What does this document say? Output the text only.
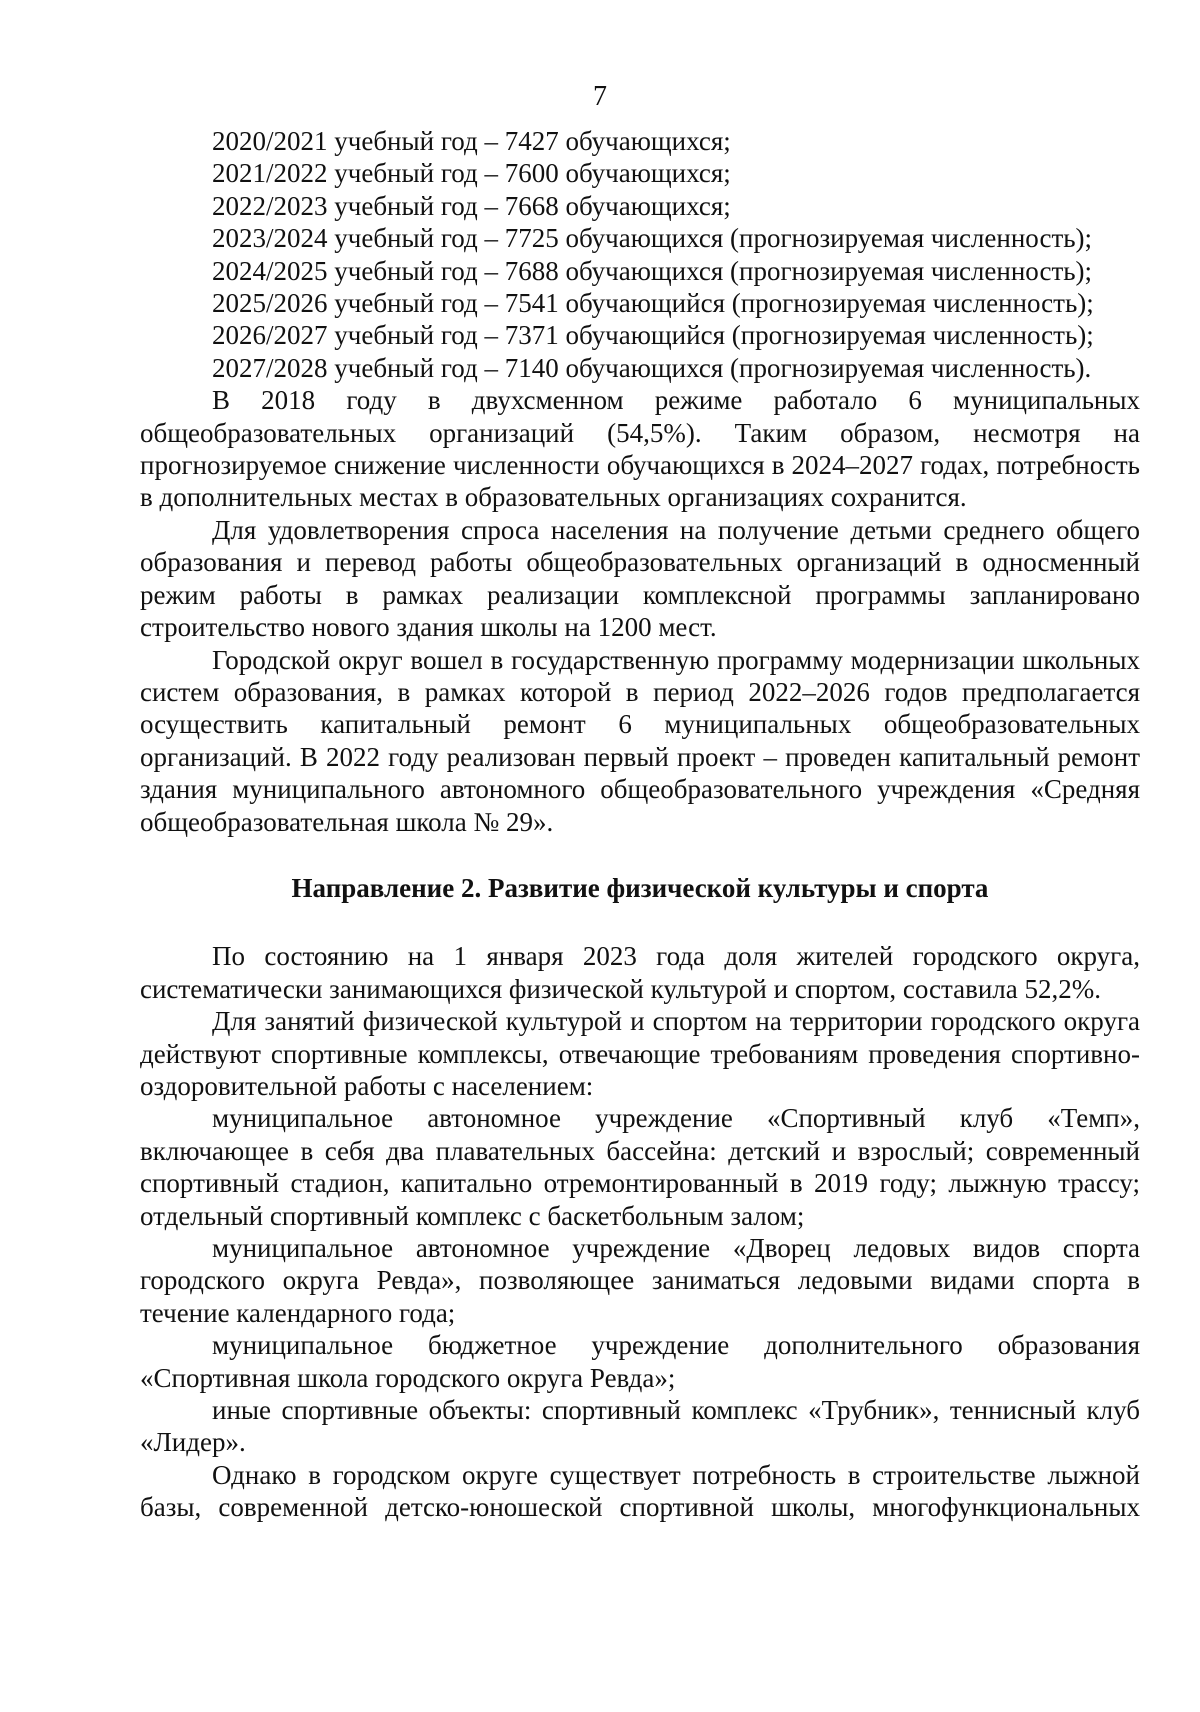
7
2020/2021 учебный год – 7427 обучающихся;
2021/2022 учебный год – 7600 обучающихся;
2022/2023 учебный год – 7668 обучающихся;
2023/2024 учебный год – 7725 обучающихся (прогнозируемая численность);
2024/2025 учебный год – 7688 обучающихся (прогнозируемая численность);
2025/2026 учебный год – 7541 обучающийся (прогнозируемая численность);
2026/2027 учебный год – 7371 обучающийся (прогнозируемая численность);
2027/2028 учебный год – 7140 обучающихся (прогнозируемая численность).

В 2018 году в двухсменном режиме работало 6 муниципальных общеобразовательных организаций (54,5%). Таким образом, несмотря на прогнозируемое снижение численности обучающихся в 2024–2027 годах, потребность в дополнительных местах в образовательных организациях сохранится.

Для удовлетворения спроса населения на получение детьми среднего общего образования и перевод работы общеобразовательных организаций в односменный режим работы в рамках реализации комплексной программы запланировано строительство нового здания школы на 1200 мест.

Городской округ вошел в государственную программу модернизации школьных систем образования, в рамках которой в период 2022–2026 годов предполагается осуществить капитальный ремонт 6 муниципальных общеобразовательных организаций. В 2022 году реализован первый проект – проведен капитальный ремонт здания муниципального автономного общеобразовательного учреждения «Средняя общеобразовательная школа № 29».

Направление 2. Развитие физической культуры и спорта

По состоянию на 1 января 2023 года доля жителей городского округа, систематически занимающихся физической культурой и спортом, составила 52,2%.

Для занятий физической культурой и спортом на территории городского округа действуют спортивные комплексы, отвечающие требованиям проведения спортивно-оздоровительной работы с населением:

муниципальное автономное учреждение «Спортивный клуб «Темп», включающее в себя два плавательных бассейна: детский и взрослый; современный спортивный стадион, капитально отремонтированный в 2019 году; лыжную трассу; отдельный спортивный комплекс с баскетбольным залом;

муниципальное автономное учреждение «Дворец ледовых видов спорта городского округа Ревда», позволяющее заниматься ледовыми видами спорта в течение календарного года;

муниципальное бюджетное учреждение дополнительного образования «Спортивная школа городского округа Ревда»;

иные спортивные объекты: спортивный комплекс «Трубник», теннисный клуб «Лидер».

Однако в городском округе существует потребность в строительстве лыжной базы, современной детско-юношеской спортивной школы, многофункциональных
